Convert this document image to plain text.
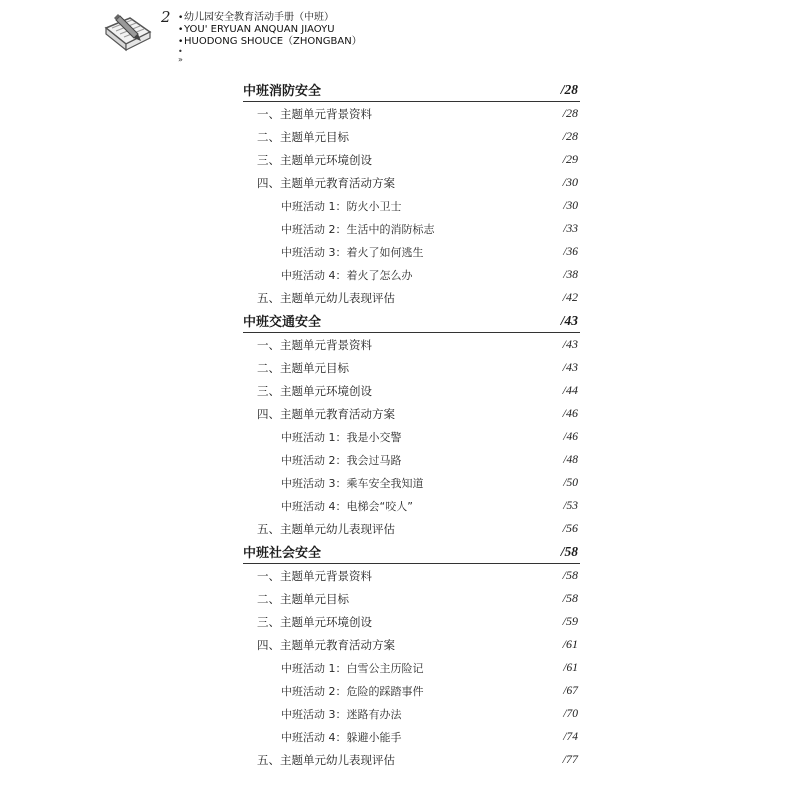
2 • 幼儿园安全教育活动手册（中班）
• YOU' ERYUAN ANQUAN JIAOYU
• HUODONG SHOUCE（ZHONGBAN）
•
»
中班消防安全	/28
一、主题单元背景资料	/28
二、主题单元目标	/28
三、主题单元环境创设	/29
四、主题单元教育活动方案	/30
中班活动 1：防火小卫士	/30
中班活动 2：生活中的消防标志	/33
中班活动 3：着火了如何逃生	/36
中班活动 4：着火了怎么办	/38
五、主题单元幼儿表现评估	/42
中班交通安全	/43
一、主题单元背景资料	/43
二、主题单元目标	/43
三、主题单元环境创设	/44
四、主题单元教育活动方案	/46
中班活动 1：我是小交警	/46
中班活动 2：我会过马路	/48
中班活动 3：乘车安全我知道	/50
中班活动 4：电梯会“咬人”	/53
五、主题单元幼儿表现评估	/56
中班社会安全	/58
一、主题单元背景资料	/58
二、主题单元目标	/58
三、主题单元环境创设	/59
四、主题单元教育活动方案	/61
中班活动 1：白雪公主历险记	/61
中班活动 2：危险的踩踏事件	/67
中班活动 3：迷路有办法	/70
中班活动 4：躲避小能手	/74
五、主题单元幼儿表现评估	/77
